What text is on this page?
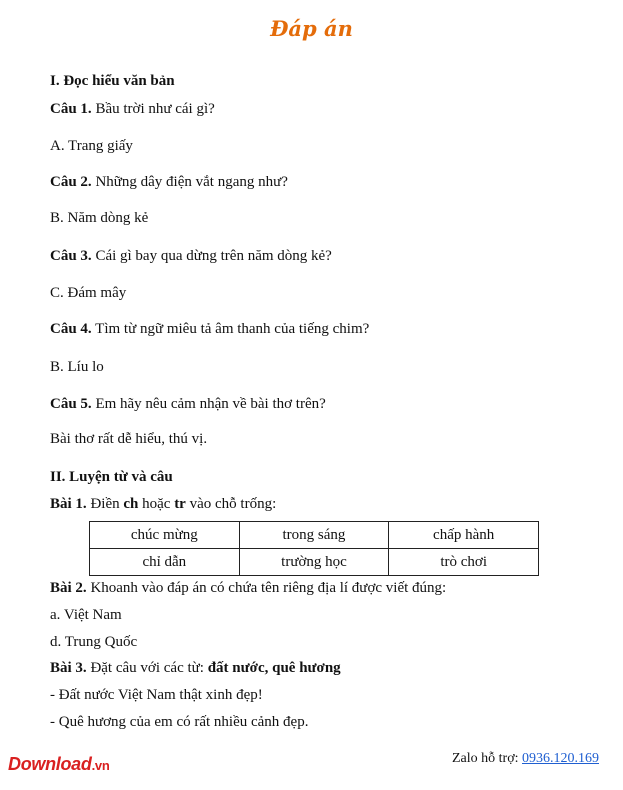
Đáp án
I. Đọc hiểu văn bản
Câu 1. Bầu trời như cái gì?
A. Trang giấy
Câu 2. Những dây điện vắt ngang như?
B. Năm dòng kẻ
Câu 3. Cái gì bay qua dừng trên năm dòng kẻ?
C. Đám mây
Câu 4. Tìm từ ngữ miêu tả âm thanh của tiếng chim?
B. Líu lo
Câu 5. Em hãy nêu cảm nhận về bài thơ trên?
Bài thơ rất dễ hiểu, thú vị.
II. Luyện từ và câu
Bài 1. Điền ch hoặc tr vào chỗ trống:
chúc mừng	trong sáng	chấp hành
chỉ dẫn	trường học	trò chơi
Bài 2. Khoanh vào đáp án có chứa tên riêng địa lí được viết đúng:
a. Việt Nam
d. Trung Quốc
Bài 3. Đặt câu với các từ: đất nước, quê hương
- Đất nước Việt Nam thật xinh đẹp!
- Quê hương của em có rất nhiều cảnh đẹp.
Download.vn	Zalo hỗ trợ: 0936.120.169
